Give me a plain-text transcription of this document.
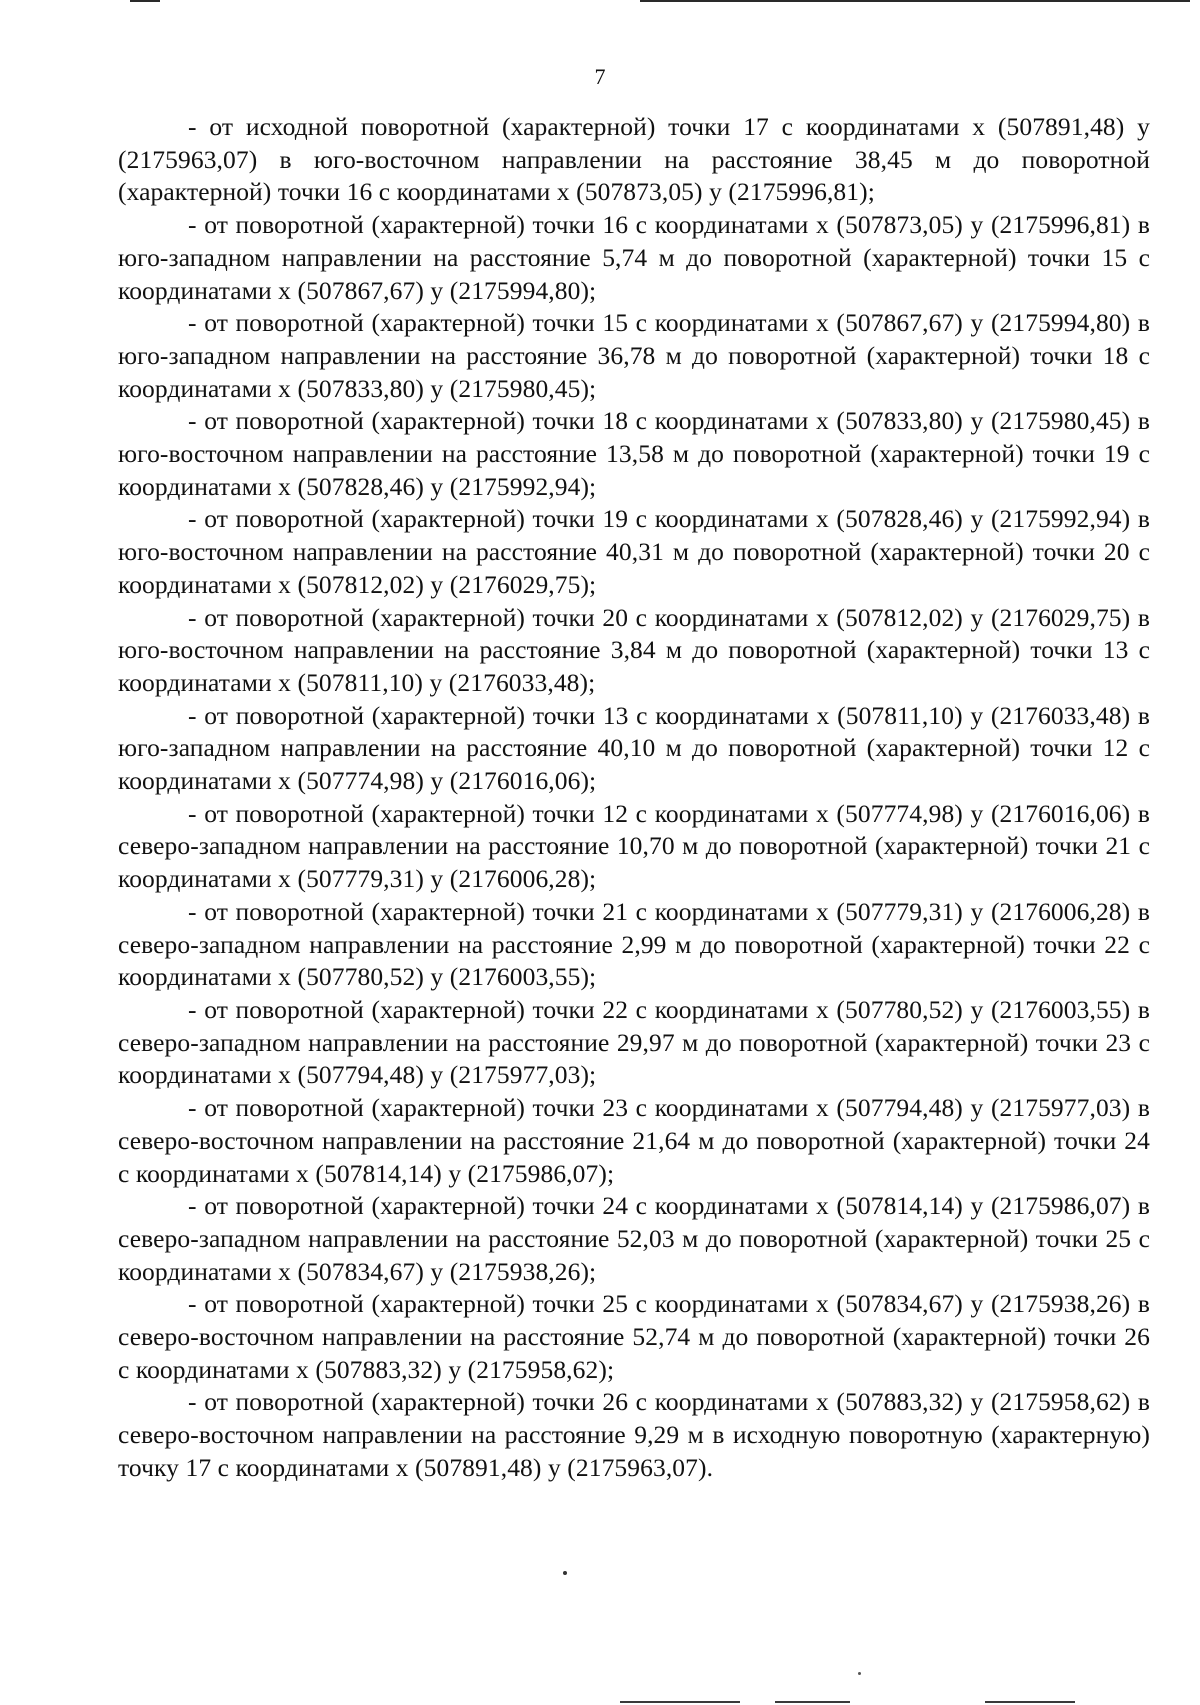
7

- от исходной поворотной (характерной) точки 17 с координатами x (507891,48) y (2175963,07) в юго-восточном направлении на расстояние 38,45 м до поворотной (характерной) точки 16 с координатами x (507873,05) y (2175996,81);

- от поворотной (характерной) точки 16 с координатами x (507873,05) y (2175996,81) в юго-западном направлении на расстояние 5,74 м до поворотной (характерной) точки 15 с координатами x (507867,67) y (2175994,80);

- от поворотной (характерной) точки 15 с координатами x (507867,67) y (2175994,80) в юго-западном направлении на расстояние 36,78 м до поворотной (характерной) точки 18 с координатами x (507833,80) y (2175980,45);

- от поворотной (характерной) точки 18 с координатами x (507833,80) y (2175980,45) в юго-восточном направлении на расстояние 13,58 м до поворотной (характерной) точки 19 с координатами x (507828,46) y (2175992,94);

- от поворотной (характерной) точки 19 с координатами x (507828,46) y (2175992,94) в юго-восточном направлении на расстояние 40,31 м до поворотной (характерной) точки 20 с координатами x (507812,02) y (2176029,75);

- от поворотной (характерной) точки 20 с координатами x (507812,02) y (2176029,75) в юго-восточном направлении на расстояние 3,84 м до поворотной (характерной) точки 13 с координатами x (507811,10) y (2176033,48);

- от поворотной (характерной) точки 13 с координатами x (507811,10) y (2176033,48) в юго-западном направлении на расстояние 40,10 м до поворотной (характерной) точки 12 с координатами x (507774,98) y (2176016,06);

- от поворотной (характерной) точки 12 с координатами x (507774,98) y (2176016,06) в северо-западном направлении на расстояние 10,70 м до поворотной (характерной) точки 21 с координатами x (507779,31) y (2176006,28);

- от поворотной (характерной) точки 21 с координатами x (507779,31) y (2176006,28) в северо-западном направлении на расстояние 2,99 м до поворотной (характерной) точки 22 с координатами x (507780,52) y (2176003,55);

- от поворотной (характерной) точки 22 с координатами x (507780,52) y (2176003,55) в северо-западном направлении на расстояние 29,97 м до поворотной (характерной) точки 23 с координатами x (507794,48) y (2175977,03);

- от поворотной (характерной) точки 23 с координатами x (507794,48) y (2175977,03) в северо-восточном направлении на расстояние 21,64 м до поворотной (характерной) точки 24 с координатами x (507814,14) y (2175986,07);

- от поворотной (характерной) точки 24 с координатами x (507814,14) y (2175986,07) в северо-западном направлении на расстояние 52,03 м до поворотной (характерной) точки 25 с координатами x (507834,67) y (2175938,26);

- от поворотной (характерной) точки 25 с координатами x (507834,67) y (2175938,26) в северо-восточном направлении на расстояние 52,74 м до поворотной (характерной) точки 26 с координатами x (507883,32) y (2175958,62);

- от поворотной (характерной) точки 26 с координатами x (507883,32) y (2175958,62) в северо-восточном направлении на расстояние 9,29 м в исходную поворотную (характерную) точку 17 с координатами x (507891,48) y (2175963,07).
